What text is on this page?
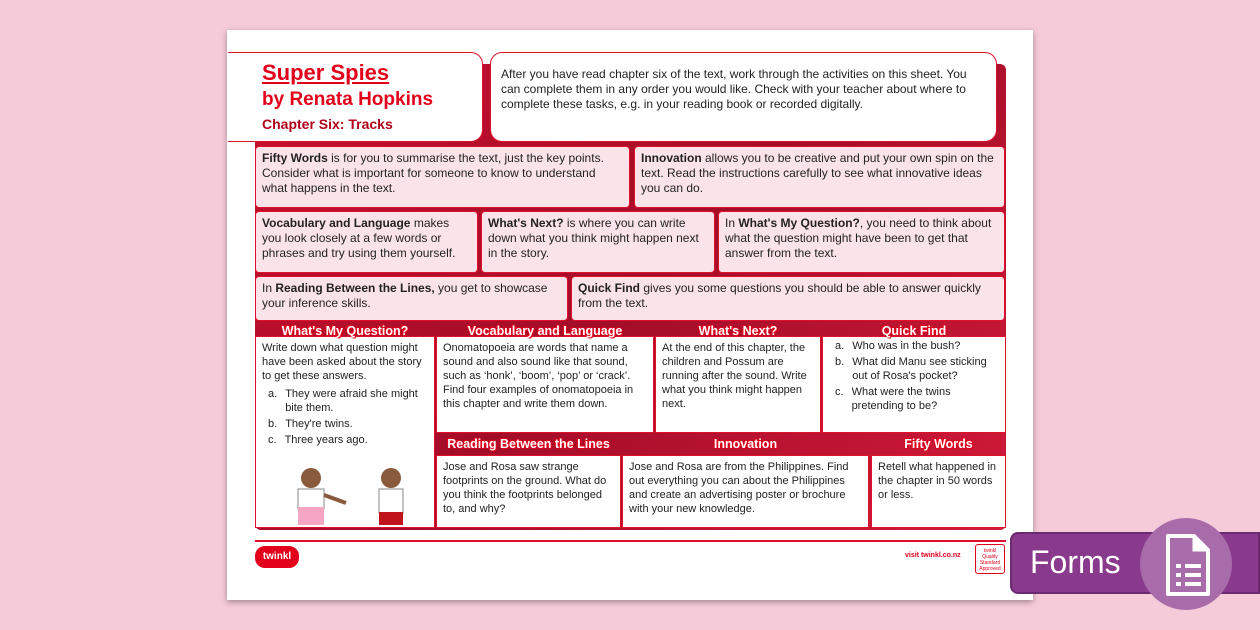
Super Spies
by Renata Hopkins
Chapter Six: Tracks
After you have read chapter six of the text, work through the activities on this sheet. You can complete them in any order you would like. Check with your teacher about where to complete these tasks, e.g. in your reading book or recorded digitally.
Fifty Words is for you to summarise the text, just the key points. Consider what is important for someone to know to understand what happens in the text.
Innovation allows you to be creative and put your own spin on the text. Read the instructions carefully to see what innovative ideas you can do.
Vocabulary and Language makes you look closely at a few words or phrases and try using them yourself.
What's Next? is where you can write down what you think might happen next in the story.
In What's My Question?, you need to think about what the question might have been to get that answer from the text.
In Reading Between the Lines, you get to showcase your inference skills.
Quick Find gives you some questions you should be able to answer quickly from the text.
Write down what question might have been asked about the story to get these answers.
a. They were afraid she might bite them.
b. They're twins.
c. Three years ago.
Onomatopoeia are words that name a sound and also sound like that sound, such as ‘honk’, ‘boom’, ‘pop’ or ‘crack’. Find four examples of onomatopoeia in this chapter and write them down.
At the end of this chapter, the children and Possum are running after the sound. Write what you think might happen next.
a. Who was in the bush?
b. What did Manu see sticking out of Rosa's pocket?
c. What were the twins pretending to be?
Jose and Rosa saw strange footprints on the ground. What do you think the footprints belonged to, and why?
Jose and Rosa are from the Philippines. Find out everything you can about the Philippines and create an advertising poster or brochure with your new knowledge.
Retell what happened in the chapter in 50 words or less.
What's My Question?	Vocabulary and Language	What's Next?	Quick Find
Reading Between the Lines	Innovation	Fifty Words
twinkl	visit twinkl.co.nz
twinkl Quality Standard Approved Forms
